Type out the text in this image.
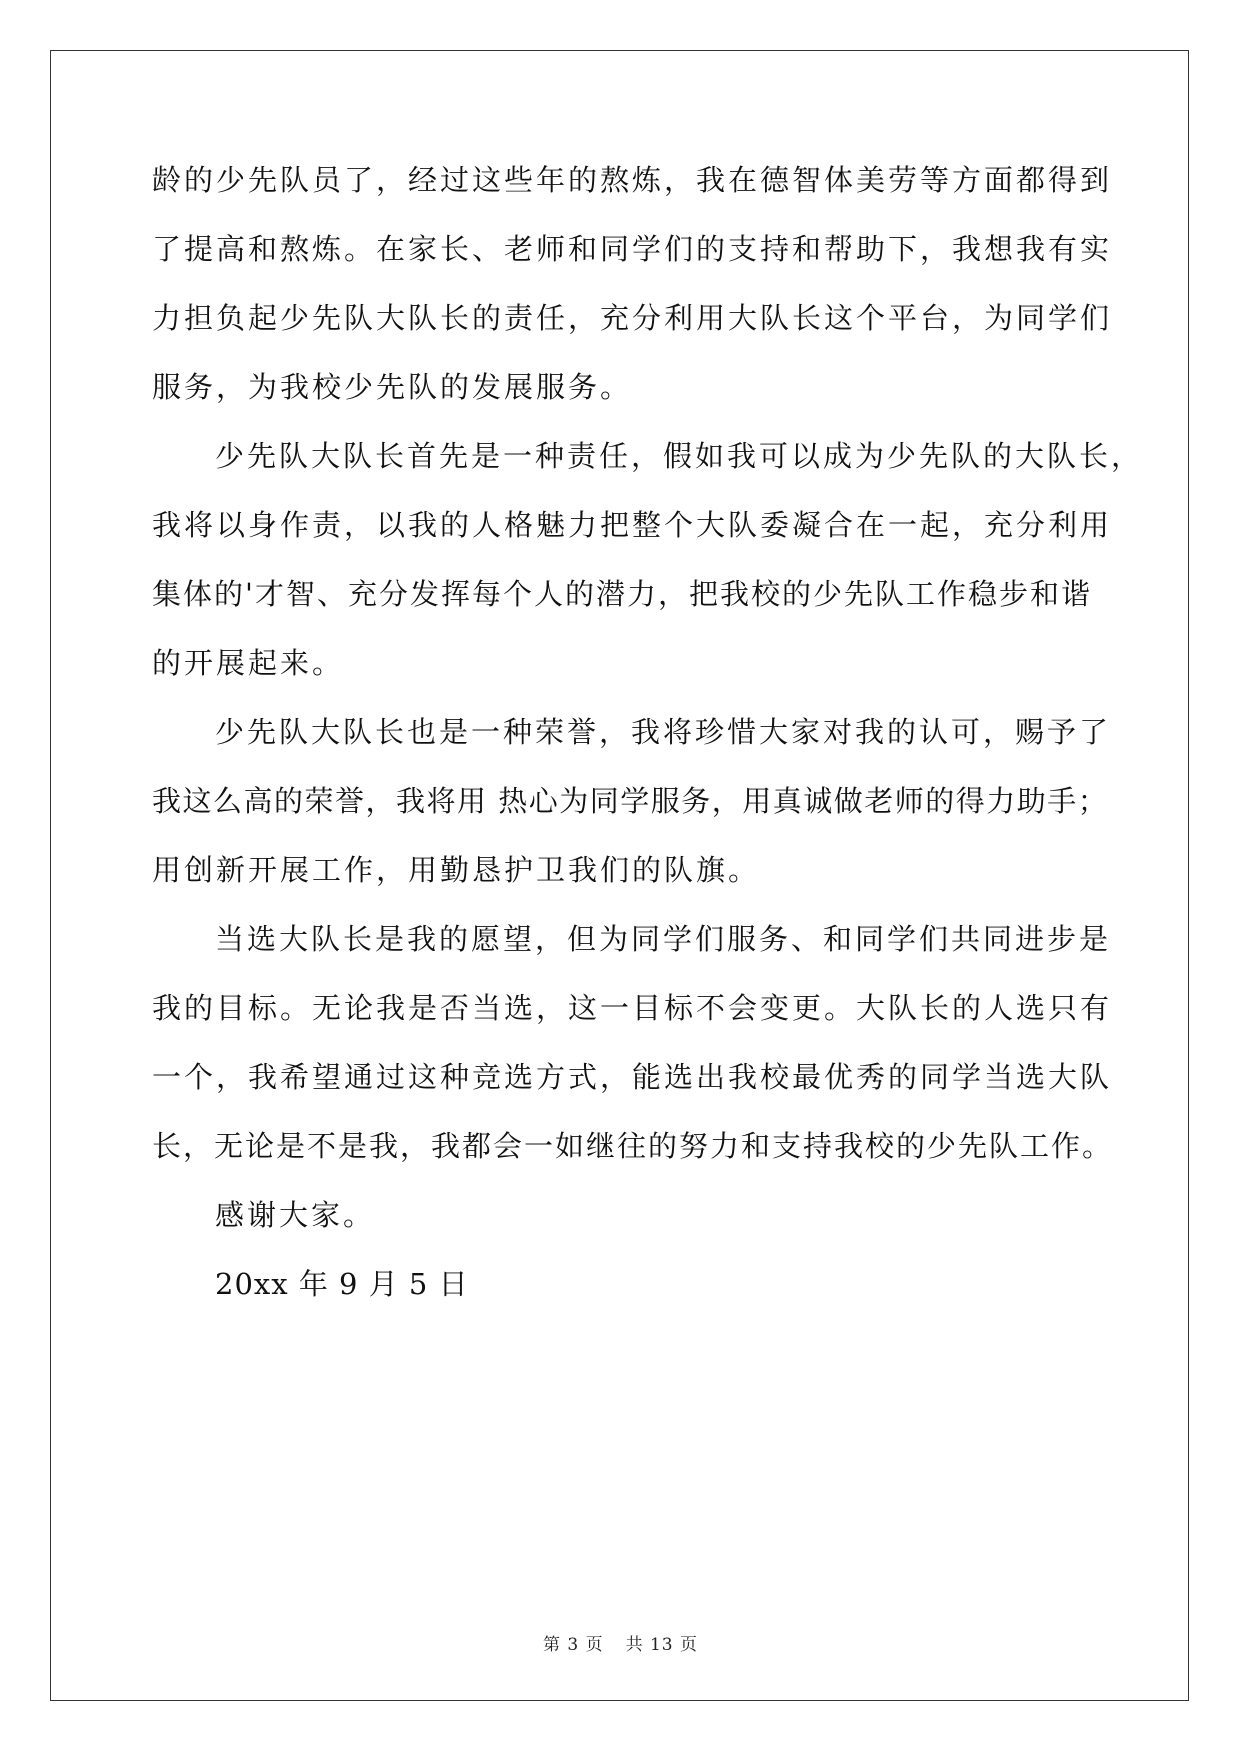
龄的少先队员了，经过这些年的熬炼，我在德智体美劳等方面都得到
了提高和熬炼。在家长、老师和同学们的支持和帮助下，我想我有实
力担负起少先队大队长的责任，充分利用大队长这个平台，为同学们
服务，为我校少先队的发展服务。
少先队大队长首先是一种责任，假如我可以成为少先队的大队长，
我将以身作责，以我的人格魅力把整个大队委凝合在一起，充分利用
集体的'才智、充分发挥每个人的潜力，把我校的少先队工作稳步和谐
的开展起来。
少先队大队长也是一种荣誉，我将珍惜大家对我的认可，赐予了
我这么高的荣誉，我将用 热心为同学服务，用真诚做老师的得力助手；
用创新开展工作，用勤恳护卫我们的队旗。
当选大队长是我的愿望，但为同学们服务、和同学们共同进步是
我的目标。无论我是否当选，这一目标不会变更。大队长的人选只有
一个，我希望通过这种竞选方式，能选出我校最优秀的同学当选大队
长，无论是不是我，我都会一如继往的努力和支持我校的少先队工作。
感谢大家。
20xx 年 9 月 5 日
第 3 页 共 13 页
